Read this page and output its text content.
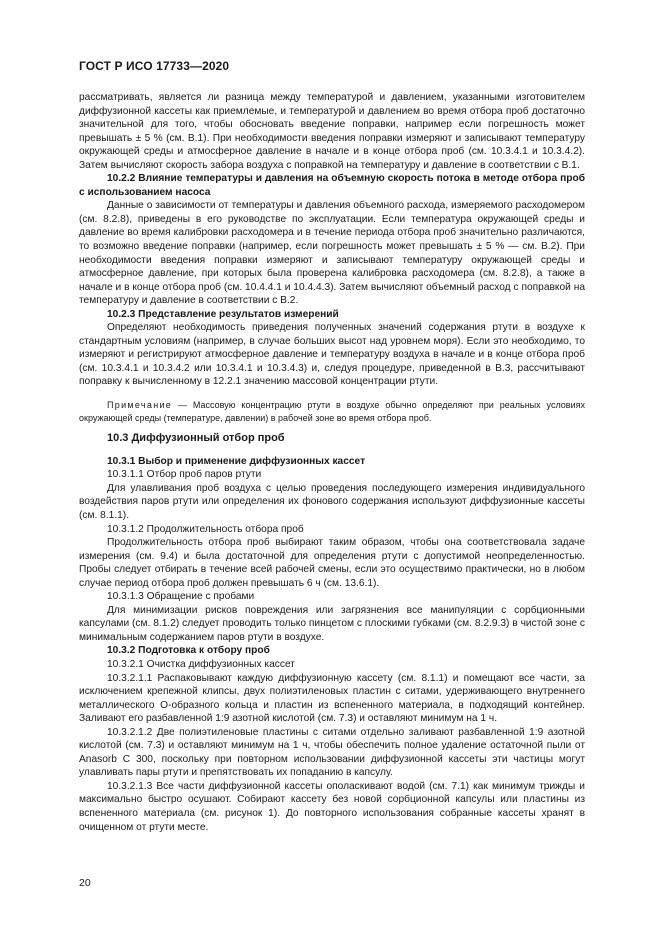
ГОСТ Р ИСО 17733—2020

рассматривать, является ли разница между температурой и давлением, указанными изготовителем диффузионной кассеты как приемлемые, и температурой и давлением во время отбора проб достаточно значительной для того, чтобы обосновать введение поправки, например если погрешность может превышать ± 5 % (см. В.1). При необходимости введения поправки измеряют и записывают температуру окружающей среды и атмосферное давление в начале и в конце отбора проб (см. 10.3.4.1 и 10.3.4.2). Затем вычисляют скорость забора воздуха с поправкой на температуру и давление в соответствии с В.1.

10.2.2 Влияние температуры и давления на объемную скорость потока в методе отбора проб с использованием насоса

Данные о зависимости от температуры и давления объемного расхода, измеряемого расходомером (см. 8.2.8), приведены в его руководстве по эксплуатации. Если температура окружающей среды и давление во время калибровки расходомера и в течение периода отбора проб значительно различаются, то возможно введение поправки (например, если погрешность может превышать ± 5 % — см. В.2). При необходимости введения поправки измеряют и записывают температуру окружающей среды и атмосферное давление, при которых была проверена калибровка расходомера (см. 8.2.8), а также в начале и в конце отбора проб (см. 10.4.4.1 и 10.4.4.3). Затем вычисляют объемный расход с поправкой на температуру и давление в соответствии с В.2.

10.2.3 Представление результатов измерений

Определяют необходимость приведения полученных значений содержания ртути в воздухе к стандартным условиям (например, в случае больших высот над уровнем моря). Если это необходимо, то измеряют и регистрируют атмосферное давление и температуру воздуха в начале и в конце отбора проб (см. 10.3.4.1 и 10.3.4.2 или 10.3.4.1 и 10.3.4.3) и, следуя процедуре, приведенной в В.3, рассчитывают поправку к вычисленному в 12.2.1 значению массовой концентрации ртути.

Примечание — Массовую концентрацию ртути в воздухе обычно определяют при реальных условиях окружающей среды (температуре, давлении) в рабочей зоне во время отбора проб.

10.3 Диффузионный отбор проб

10.3.1 Выбор и применение диффузионных кассет

10.3.1.1 Отбор проб паров ртути

Для улавливания проб воздуха с целью проведения последующего измерения индивидуального воздействия паров ртути или определения их фонового содержания используют диффузионные кассеты (см. 8.1.1).

10.3.1.2 Продолжительность отбора проб

Продолжительность отбора проб выбирают таким образом, чтобы она соответствовала задаче измерения (см. 9.4) и была достаточной для определения ртути с допустимой неопределенностью. Пробы следует отбирать в течение всей рабочей смены, если это осуществимо практически, но в любом случае период отбора проб должен превышать 6 ч (см. 13.6.1).

10.3.1.3 Обращение с пробами

Для минимизации рисков повреждения или загрязнения все манипуляции с сорбционными капсулами (см. 8.1.2) следует проводить только пинцетом с плоскими губками (см. 8.2.9.3) в чистой зоне с минимальным содержанием паров ртути в воздухе.

10.3.2 Подготовка к отбору проб

10.3.2.1 Очистка диффузионных кассет

10.3.2.1.1 Распаковывают каждую диффузионную кассету (см. 8.1.1) и помещают все части, за исключением крепежной клипсы, двух полиэтиленовых пластин с ситами, удерживающего внутреннего металлического О-образного кольца и пластин из вспененного материала, в подходящий контейнер. Заливают его разбавленной 1:9 азотной кислотой (см. 7.3) и оставляют минимум на 1 ч.

10.3.2.1.2 Две полиэтиленовые пластины с ситами отдельно заливают разбавленной 1:9 азотной кислотой (см. 7.3) и оставляют минимум на 1 ч, чтобы обеспечить полное удаление остаточной пыли от Anasorb C 300, поскольку при повторном использовании диффузионной кассеты эти частицы могут улавливать пары ртути и препятствовать их попаданию в капсулу.

10.3.2.1.3 Все части диффузионной кассеты ополаскивают водой (см. 7.1) как минимум трижды и максимально быстро осушают. Собирают кассету без новой сорбционной капсулы или пластины из вспененного материала (см. рисунок 1). До повторного использования собранные кассеты хранят в очищенном от ртути месте.

20
